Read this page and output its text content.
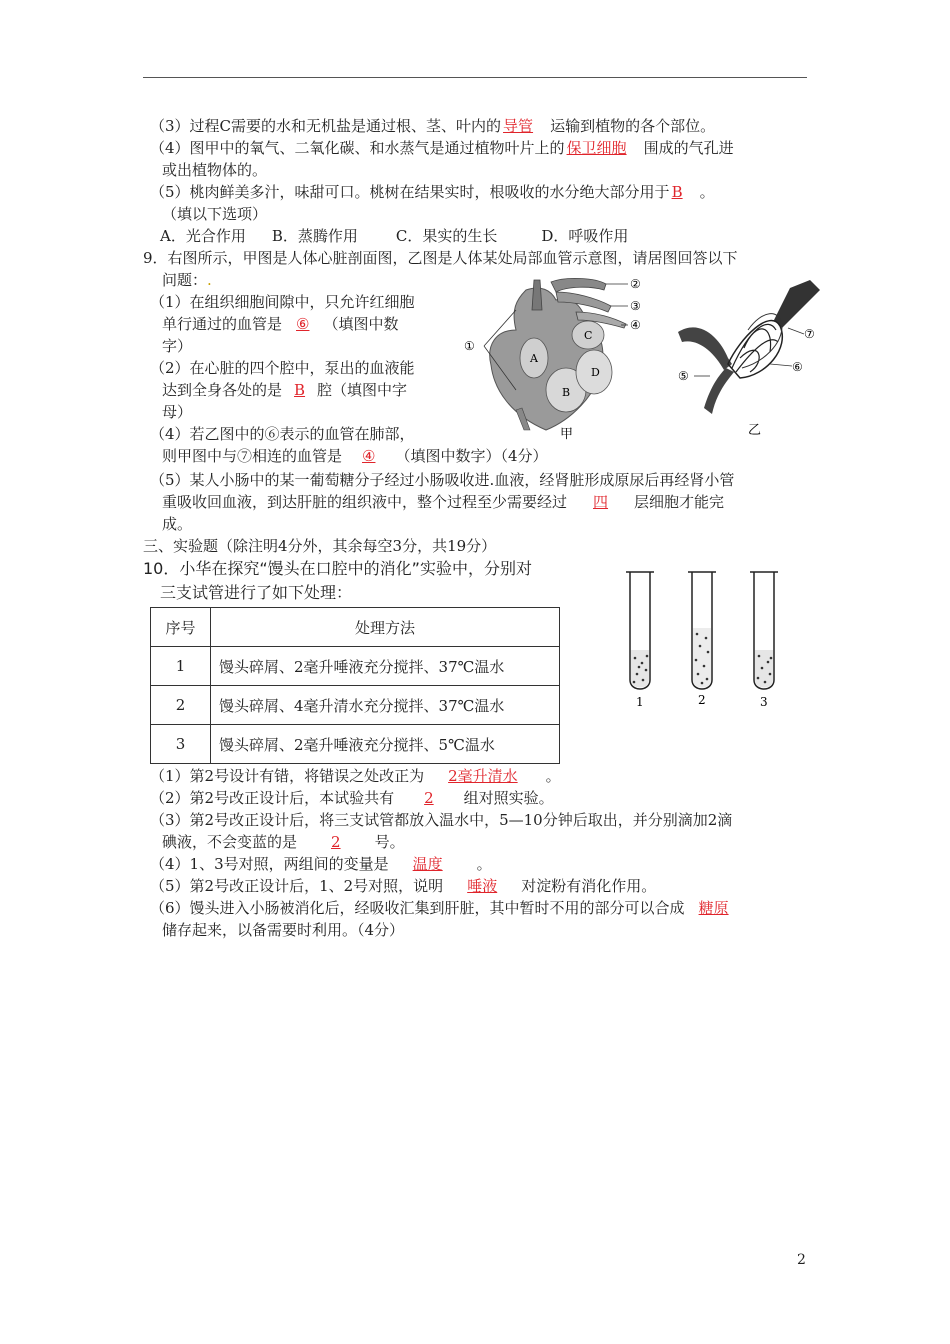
（3）过程C需要的水和无机盐是通过根、茎、叶内的 导管　 运输到植物的各个部位。
（4）图甲中的氧气、二氧化碳、和水蒸气是通过植物叶片上的 保卫细胞　 围成的气孔进
或出植物体的。
（5）桃肉鲜美多汁，味甜可口。桃树在结果实时，根吸收的水分绝大部分用于 B　 。
（填以下选项）
A．光合作用 B．蒸腾作用	C．果实的生长	D．呼吸作用
9．右图所示，甲图是人体心脏剖面图，乙图是人体某处局部血管示意图，请居图回答以下
问题：.
（1）在组织细胞间隙中，只允许红细胞
单行通过的血管是 ⑥ （填图中数
字）
（2）在心脏的四个腔中，泵出的血液能
达到全身各处的是 B 腔（填图中字
母）
（4）若乙图中的⑥表示的血管在肺部，
则甲图中与⑦相连的血管是 ④ （填图中数字）（4分）
（5）某人小肠中的某一葡萄糖分子经过小肠吸收进.血液，经肾脏形成原尿后再经肾小管
重吸收回血液，到达肝脏的组织液中，整个过程至少需要经过 四 层细胞才能完
成。
A
B
C
D
②
③
④
①
甲
⑦
⑥
⑤
乙
三、实验题（除注明4分外，其余每空3分，共19分）
10．小华在探究“馒头在口腔中的消化”实验中，分别对
三支试管进行了如下处理：
序号	处理方法
1	馒头碎屑、2毫升唾液充分搅拌、37℃温水
2	馒头碎屑、4毫升清水充分搅拌、37℃温水
3	馒头碎屑、2毫升唾液充分搅拌、5℃温水
1	2	3
（1）第2号设计有错，将错误之处改正为 2毫升清水 。
（2）第2号改正设计后，本试验共有 2 组对照实验。
（3）第2号改正设计后，将三支试管都放入温水中，5—10分钟后取出，并分别滴加2滴
碘液，不会变蓝的是 2 号。
（4）1、3号对照，两组间的变量是 温度 。
（5）第2号改正设计后，1、2号对照，说明 唾液 对淀粉有消化作用。
（6）馒头进入小肠被消化后，经吸收汇集到肝脏，其中暂时不用的部分可以合成 糖原
储存起来，以备需要时利用。（4分）
2
